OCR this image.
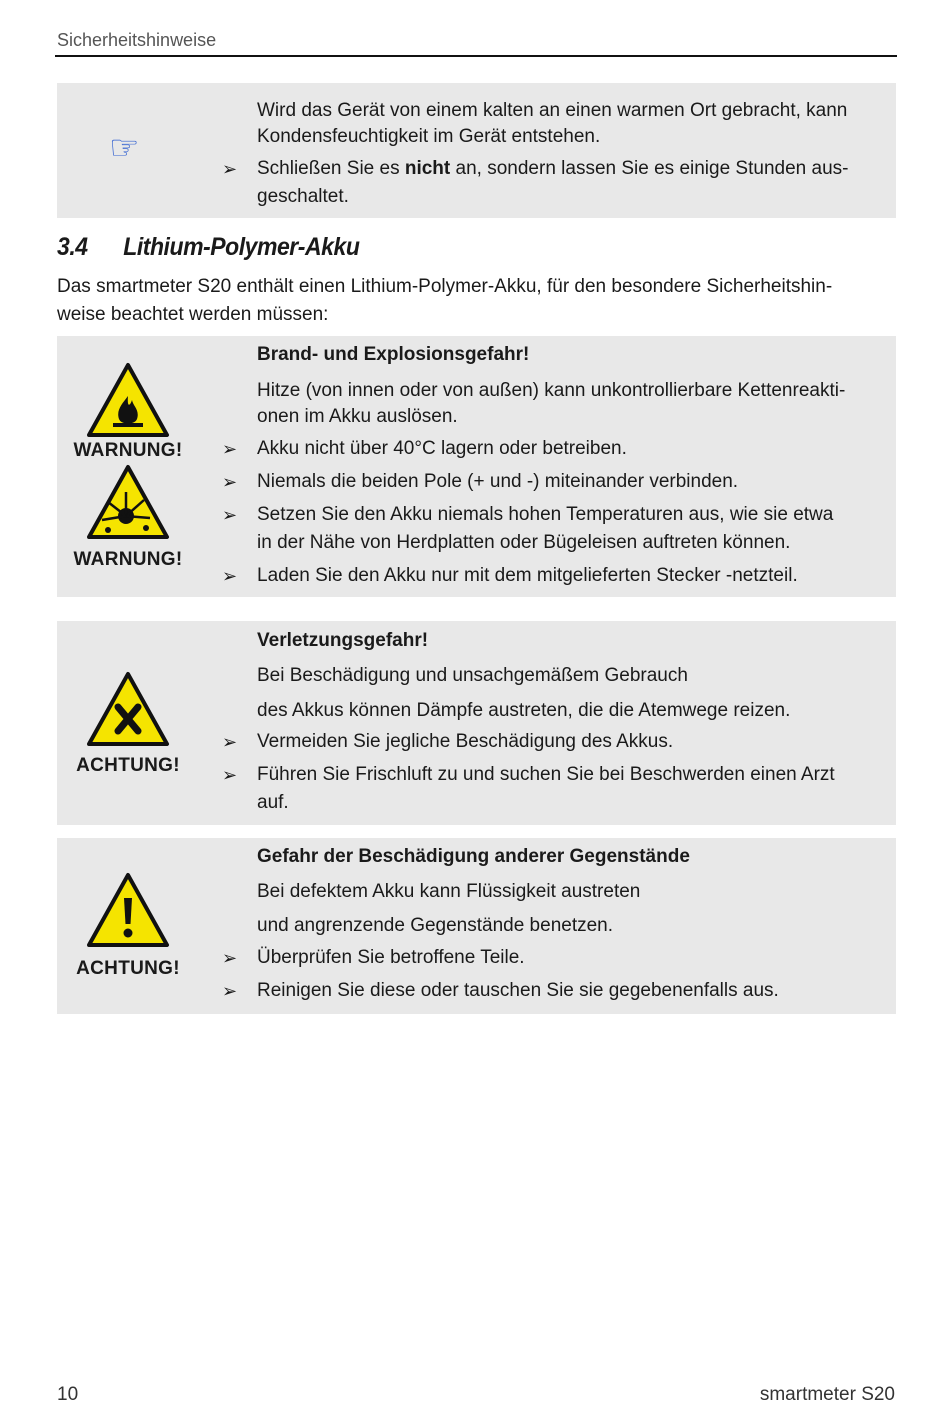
Sicherheitshinweise
☞
Wird das Gerät von einem kalten an einen warmen Ort gebracht, kann
Kondensfeuchtigkeit im Gerät entstehen.
➢ Schließen Sie es nicht an, sondern lassen Sie es einige Stunden aus-
geschaltet.
3.4 Lithium-Polymer-Akku
Das smartmeter S20 enthält einen Lithium-Polymer-Akku, für den besondere Sicherheitshin-
weise beachtet werden müssen:
WARNUNG!
WARNUNG!
Brand- und Explosionsgefahr!
Hitze (von innen oder von außen) kann unkontrollierbare Kettenreakti-
onen im Akku auslösen.
➢ Akku nicht über 40°C lagern oder betreiben.
➢ Niemals die beiden Pole (+ und -) miteinander verbinden.
➢ Setzen Sie den Akku niemals hohen Temperaturen aus, wie sie etwa
in der Nähe von Herdplatten oder Bügeleisen auftreten können.
➢ Laden Sie den Akku nur mit dem mitgelieferten Stecker -netzteil.
ACHTUNG!
Verletzungsgefahr!
Bei Beschädigung und unsachgemäßem Gebrauch
des Akkus können Dämpfe austreten, die die Atemwege reizen.
➢ Vermeiden Sie jegliche Beschädigung des Akkus.
➢ Führen Sie Frischluft zu und suchen Sie bei Beschwerden einen Arzt
auf.
ACHTUNG!
Gefahr der Beschädigung anderer Gegenstände
Bei defektem Akku kann Flüssigkeit austreten
und angrenzende Gegenstände benetzen.
➢ Überprüfen Sie betroffene Teile.
➢ Reinigen Sie diese oder tauschen Sie sie gegebenenfalls aus.
10	smartmeter S20
